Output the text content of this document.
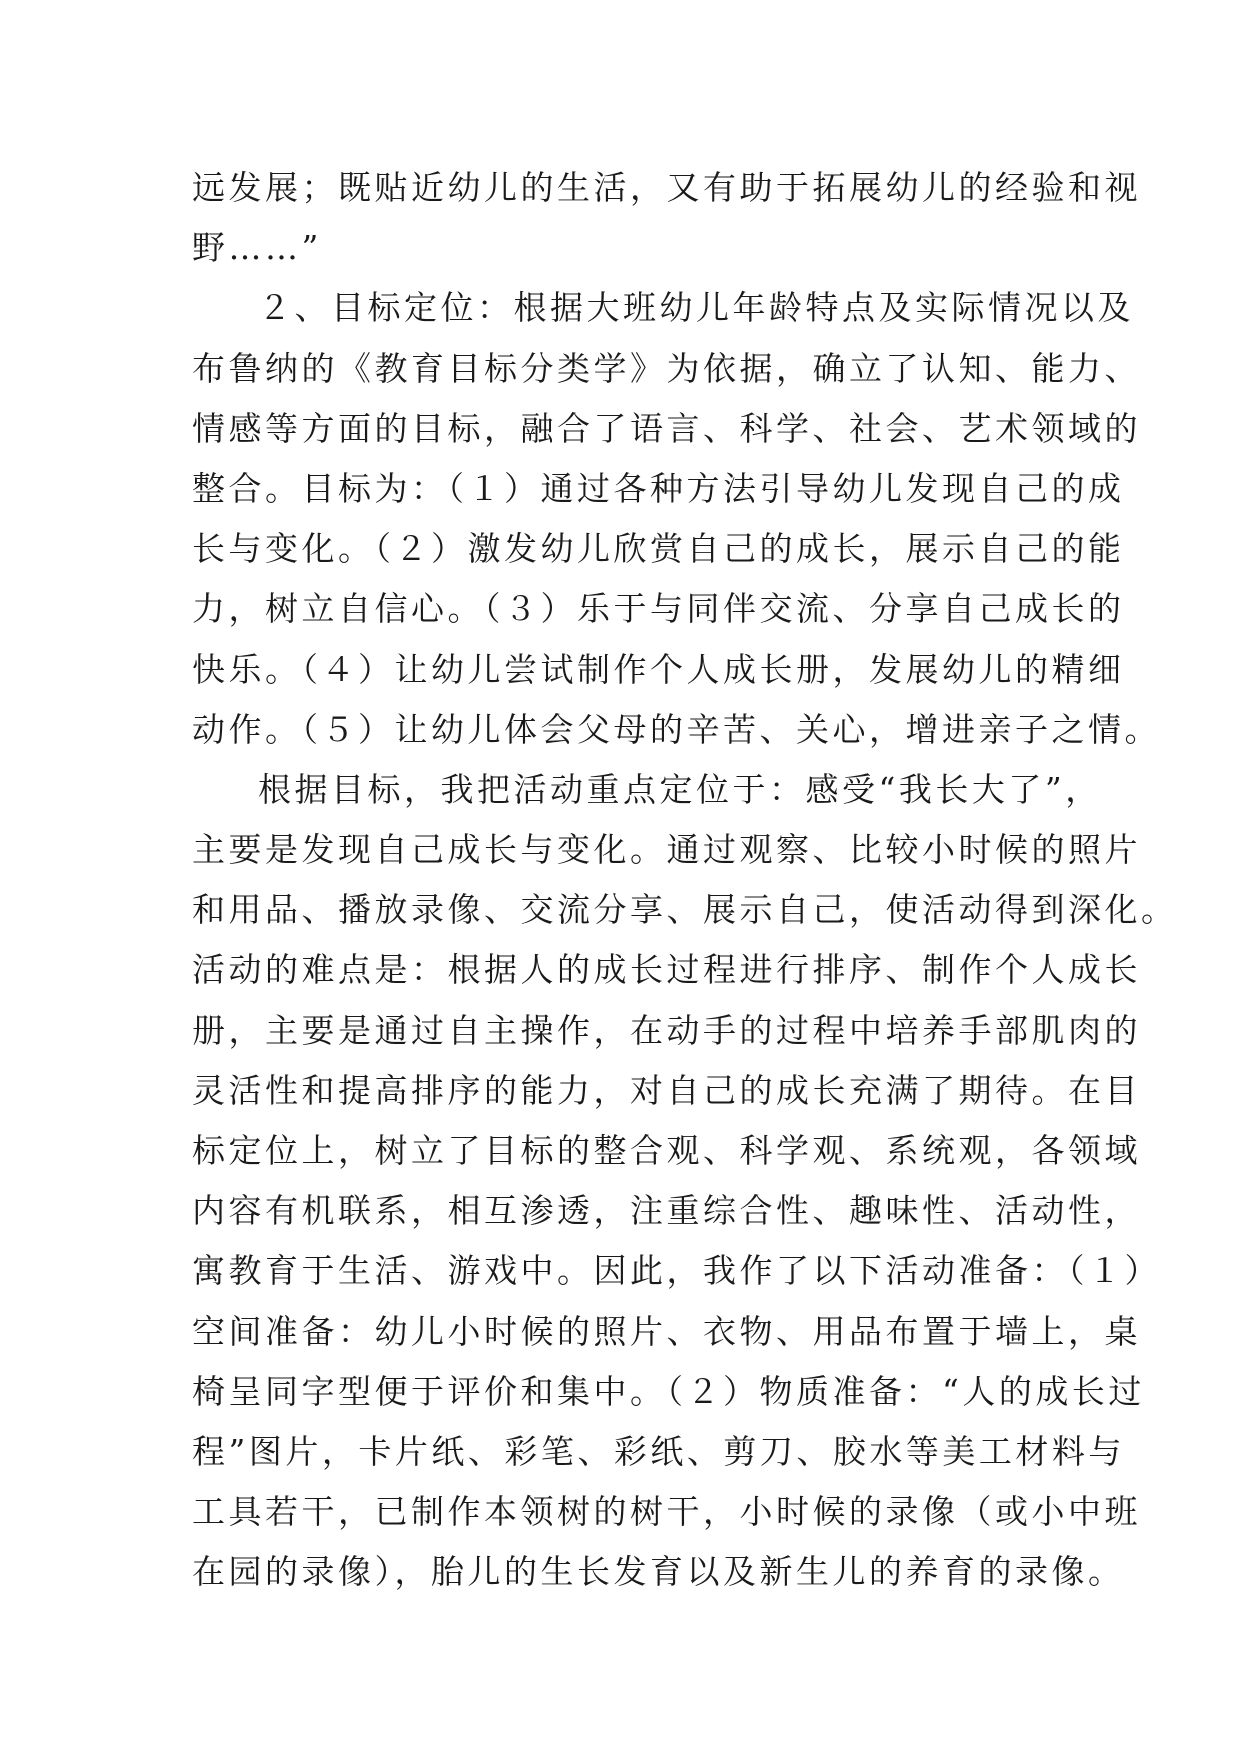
远发展；既贴近幼儿的生活，又有助于拓展幼儿的经验和视
野……”
２、目标定位：根据大班幼儿年龄特点及实际情况以及
布鲁纳的《教育目标分类学》为依据，确立了认知、能力、
情感等方面的目标，融合了语言、科学、社会、艺术领域的
整合。目标为：（１）通过各种方法引导幼儿发现自己的成
长与变化。（２）激发幼儿欣赏自己的成长，展示自己的能
力，树立自信心。（３）乐于与同伴交流、分享自己成长的
快乐。（４）让幼儿尝试制作个人成长册，发展幼儿的精细
动作。（５）让幼儿体会父母的辛苦、关心，增进亲子之情。
根据目标，我把活动重点定位于：感受“我长大了”，
主要是发现自己成长与变化。通过观察、比较小时候的照片
和用品、播放录像、交流分享、展示自己，使活动得到深化。
活动的难点是：根据人的成长过程进行排序、制作个人成长
册，主要是通过自主操作，在动手的过程中培养手部肌肉的
灵活性和提高排序的能力，对自己的成长充满了期待。在目
标定位上，树立了目标的整合观、科学观、系统观，各领域
内容有机联系，相互渗透，注重综合性、趣味性、活动性，
寓教育于生活、游戏中。因此，我作了以下活动准备：（１）
空间准备：幼儿小时候的照片、衣物、用品布置于墙上，桌
椅呈同字型便于评价和集中。（２）物质准备：“人的成长过
程”图片，卡片纸、彩笔、彩纸、剪刀、胶水等美工材料与
工具若干，已制作本领树的树干，小时候的录像（或小中班
在园的录像），胎儿的生长发育以及新生儿的养育的录像。
